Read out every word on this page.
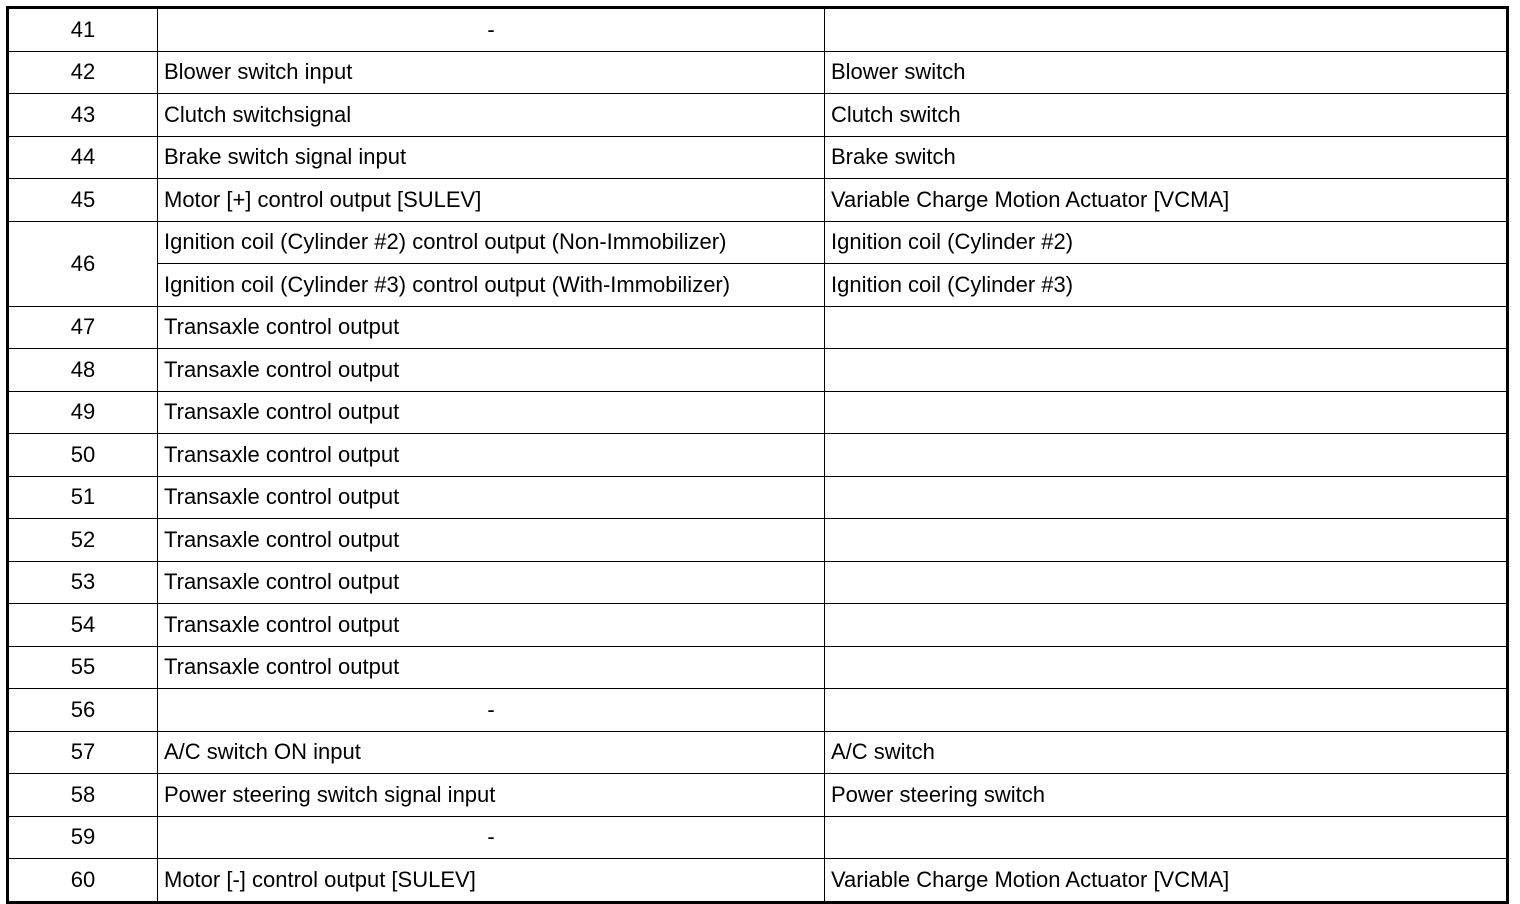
41	-	
42	Blower switch input	Blower switch
43	Clutch switchsignal	Clutch switch
44	Brake switch signal input	Brake switch
45	Motor [+] control output [SULEV]	Variable Charge Motion Actuator [VCMA]
46	Ignition coil (Cylinder #2) control output (Non-Immobilizer)	Ignition coil (Cylinder #2)
	Ignition coil (Cylinder #3) control output (With-Immobilizer)	Ignition coil (Cylinder #3)
47	Transaxle control output	
48	Transaxle control output	
49	Transaxle control output	
50	Transaxle control output	
51	Transaxle control output	
52	Transaxle control output	
53	Transaxle control output	
54	Transaxle control output	
55	Transaxle control output	
56	-	
57	A/C switch ON input	A/C switch
58	Power steering switch signal input	Power steering switch
59	-	
60	Motor [-] control output [SULEV]	Variable Charge Motion Actuator [VCMA]
